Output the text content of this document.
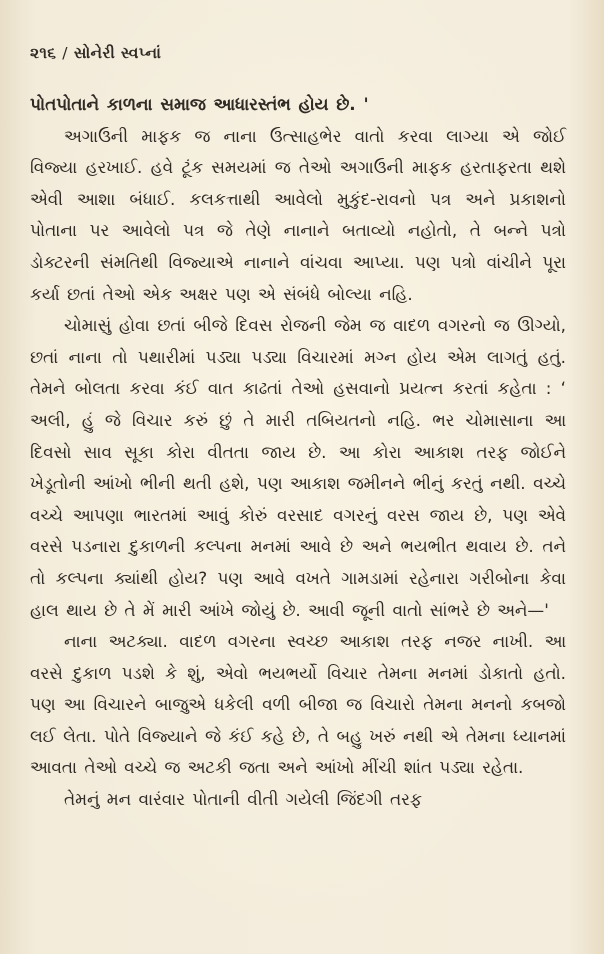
૨૧૬ / સોનેરી સ્વપ્નાં

પોતપોતાને કાળના સમાજ આધારસ્તંભ હોય છે. '

અગાઉની માફક જ નાના ઉત્સાહભેર વાતો કરવા લાગ્યા એ જોઈ વિજ્યા હરખાઈ. હવે ટૂંક સમયમાં જ તેઓ અગાઉની માફક હરતાફરતા થશે એવી આશા બંધાઈ. કલકત્તાથી આવેલો મુકુંદ-રાવનો પત્ર અને પ્રકાશનો પોતાના પર આવેલો પત્ર જે તેણે નાનાને બતાવ્યો નહોતો, તે બન્ને પત્રો ડોક્ટરની સંમતિથી વિજ્યાએ નાનાને વાંચવા આપ્યા. પણ પત્રો વાંચીને પૂરા કર્યા છતાં તેઓ એક અક્ષર પણ એ સંબંધે બોલ્યા નહિ.

ચોમાસું હોવા છતાં બીજે દિવસ રોજની જેમ જ વાદળ વગરનો જ ઊગ્યો, છતાં નાના તો પથારીમાં પડ્યા પડ્યા વિચારમાં મગ્ન હોય એમ લાગતું હતું. તેમને બોલતા કરવા કંઈ વાત કાઢતાં તેઓ હસવાનો પ્રયત્ન કરતાં કહેતા : ‘ અલી, હું જે વિચાર કરું છું તે મારી તબિયતનો નહિ. ભર ચોમાસાના આ દિવસો સાવ સૂકા કોરા વીતતા જાય છે. આ કોરા આકાશ તરફ જોઈને ખેડૂતોની આંખો ભીની થતી હશે, પણ આકાશ જમીનને ભીનું કરતું નથી. વચ્ચે વચ્ચે આપણા ભારતમાં આવું કોરું વરસાદ વગરનું વરસ જાય છે, પણ એવે વરસે પડનારા દુકાળની કલ્પના મનમાં આવે છે અને ભયભીત થવાય છે. તને તો કલ્પના ક્યાંથી હોય? પણ આવે વખતે ગામડામાં રહેનારા ગરીબોના કેવા હાલ થાય છે તે મેં મારી આંખે જોયું છે. આવી જૂની વાતો સાંભરે છે અને—'

નાના અટક્યા. વાદળ વગરના સ્વચ્છ આકાશ તરફ નજર નાખી. આ વરસે દુકાળ પડશે કે શું, એવો ભયભર્યો વિચાર તેમના મનમાં ડોકાતો હતો. પણ આ વિચારને બાજુએ ધકેલી વળી બીજા જ વિચારો તેમના મનનો કબજો લઈ લેતા. પોતે વિજ્યાને જે કંઈ કહે છે, તે બહુ ખરું નથી એ તેમના ધ્યાનમાં આવતા તેઓ વચ્ચે જ અટકી જતા અને આંખો મીંચી શાંત પડ્યા રહેતા.

તેમનું મન વારંવાર પોતાની વીતી ગયેલી જિંદગી તરફ
